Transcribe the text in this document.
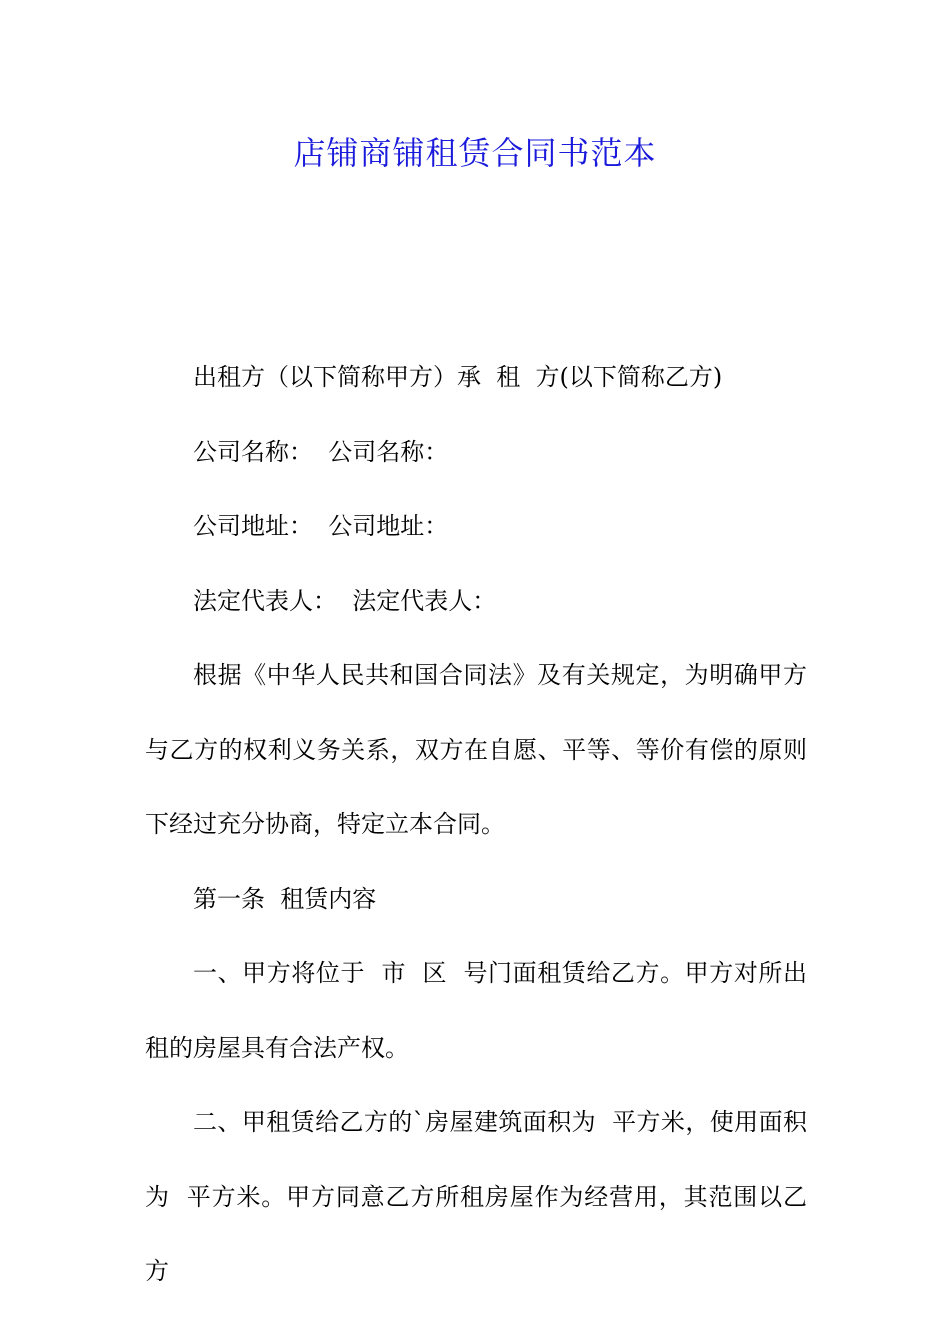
店铺商铺租赁合同书范本

出租方（以下简称甲方）承  租  方(以下简称乙方)

公司名称：  公司名称：

公司地址：  公司地址：

法定代表人：  法定代表人：

根据《中华人民共和国合同法》及有关规定，为明确甲方与乙方的权利义务关系，双方在自愿、平等、等价有偿的原则下经过充分协商，特定立本合同。

第一条  租赁内容

一、甲方将位于  市  区  号门面租赁给乙方。甲方对所出租的房屋具有合法产权。

二、甲租赁给乙方的`房屋建筑面积为  平方米，使用面积为  平方米。甲方同意乙方所租房屋作为经营用，其范围以乙方
